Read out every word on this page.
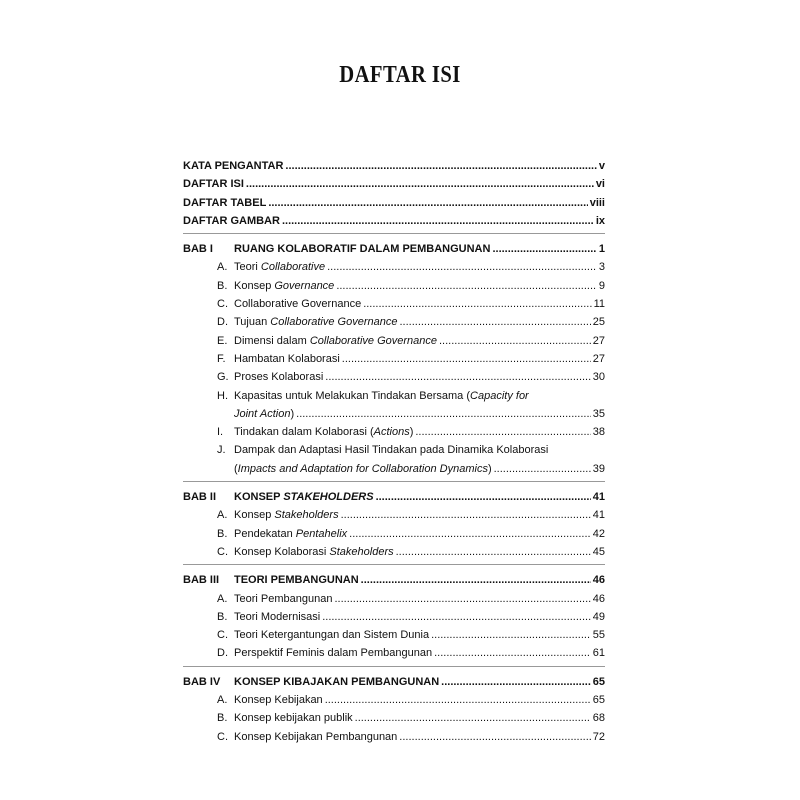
DAFTAR ISI
KATA PENGANTAR .....	v
DAFTAR ISI .....	vi
DAFTAR TABEL .....	viii
DAFTAR GAMBAR .....	ix
BAB I	RUANG KOLABORATIF DALAM PEMBANGUNAN .....	1
A. Teori Collaborative .....	3
B. Konsep Governance .....	9
C. Collaborative Governance .....	11
D. Tujuan Collaborative Governance .....	25
E. Dimensi dalam Collaborative Governance .....	27
F. Hambatan Kolaborasi .....	27
G. Proses Kolaborasi .....	30
H. Kapasitas untuk Melakukan Tindakan Bersama (Capacity for
Joint Action) .....	35
I. Tindakan dalam Kolaborasi (Actions) .....	38
J. Dampak dan Adaptasi Hasil Tindakan pada Dinamika Kolaborasi
(Impacts and Adaptation for Collaboration Dynamics) .....	39
BAB II	KONSEP STAKEHOLDERS .....	41
A. Konsep Stakeholders .....	41
B. Pendekatan Pentahelix .....	42
C. Konsep Kolaborasi Stakeholders .....	45
BAB III	TEORI PEMBANGUNAN .....	46
A. Teori Pembangunan .....	46
B. Teori Modernisasi .....	49
C. Teori Ketergantungan dan Sistem Dunia .....	55
D. Perspektif Feminis dalam Pembangunan .....	61
BAB IV	KONSEP KIBAJAKAN PEMBANGUNAN .....	65
A. Konsep Kebijakan .....	65
B. Konsep kebijakan publik .....	68
C. Konsep Kebijakan Pembangunan .....	72
